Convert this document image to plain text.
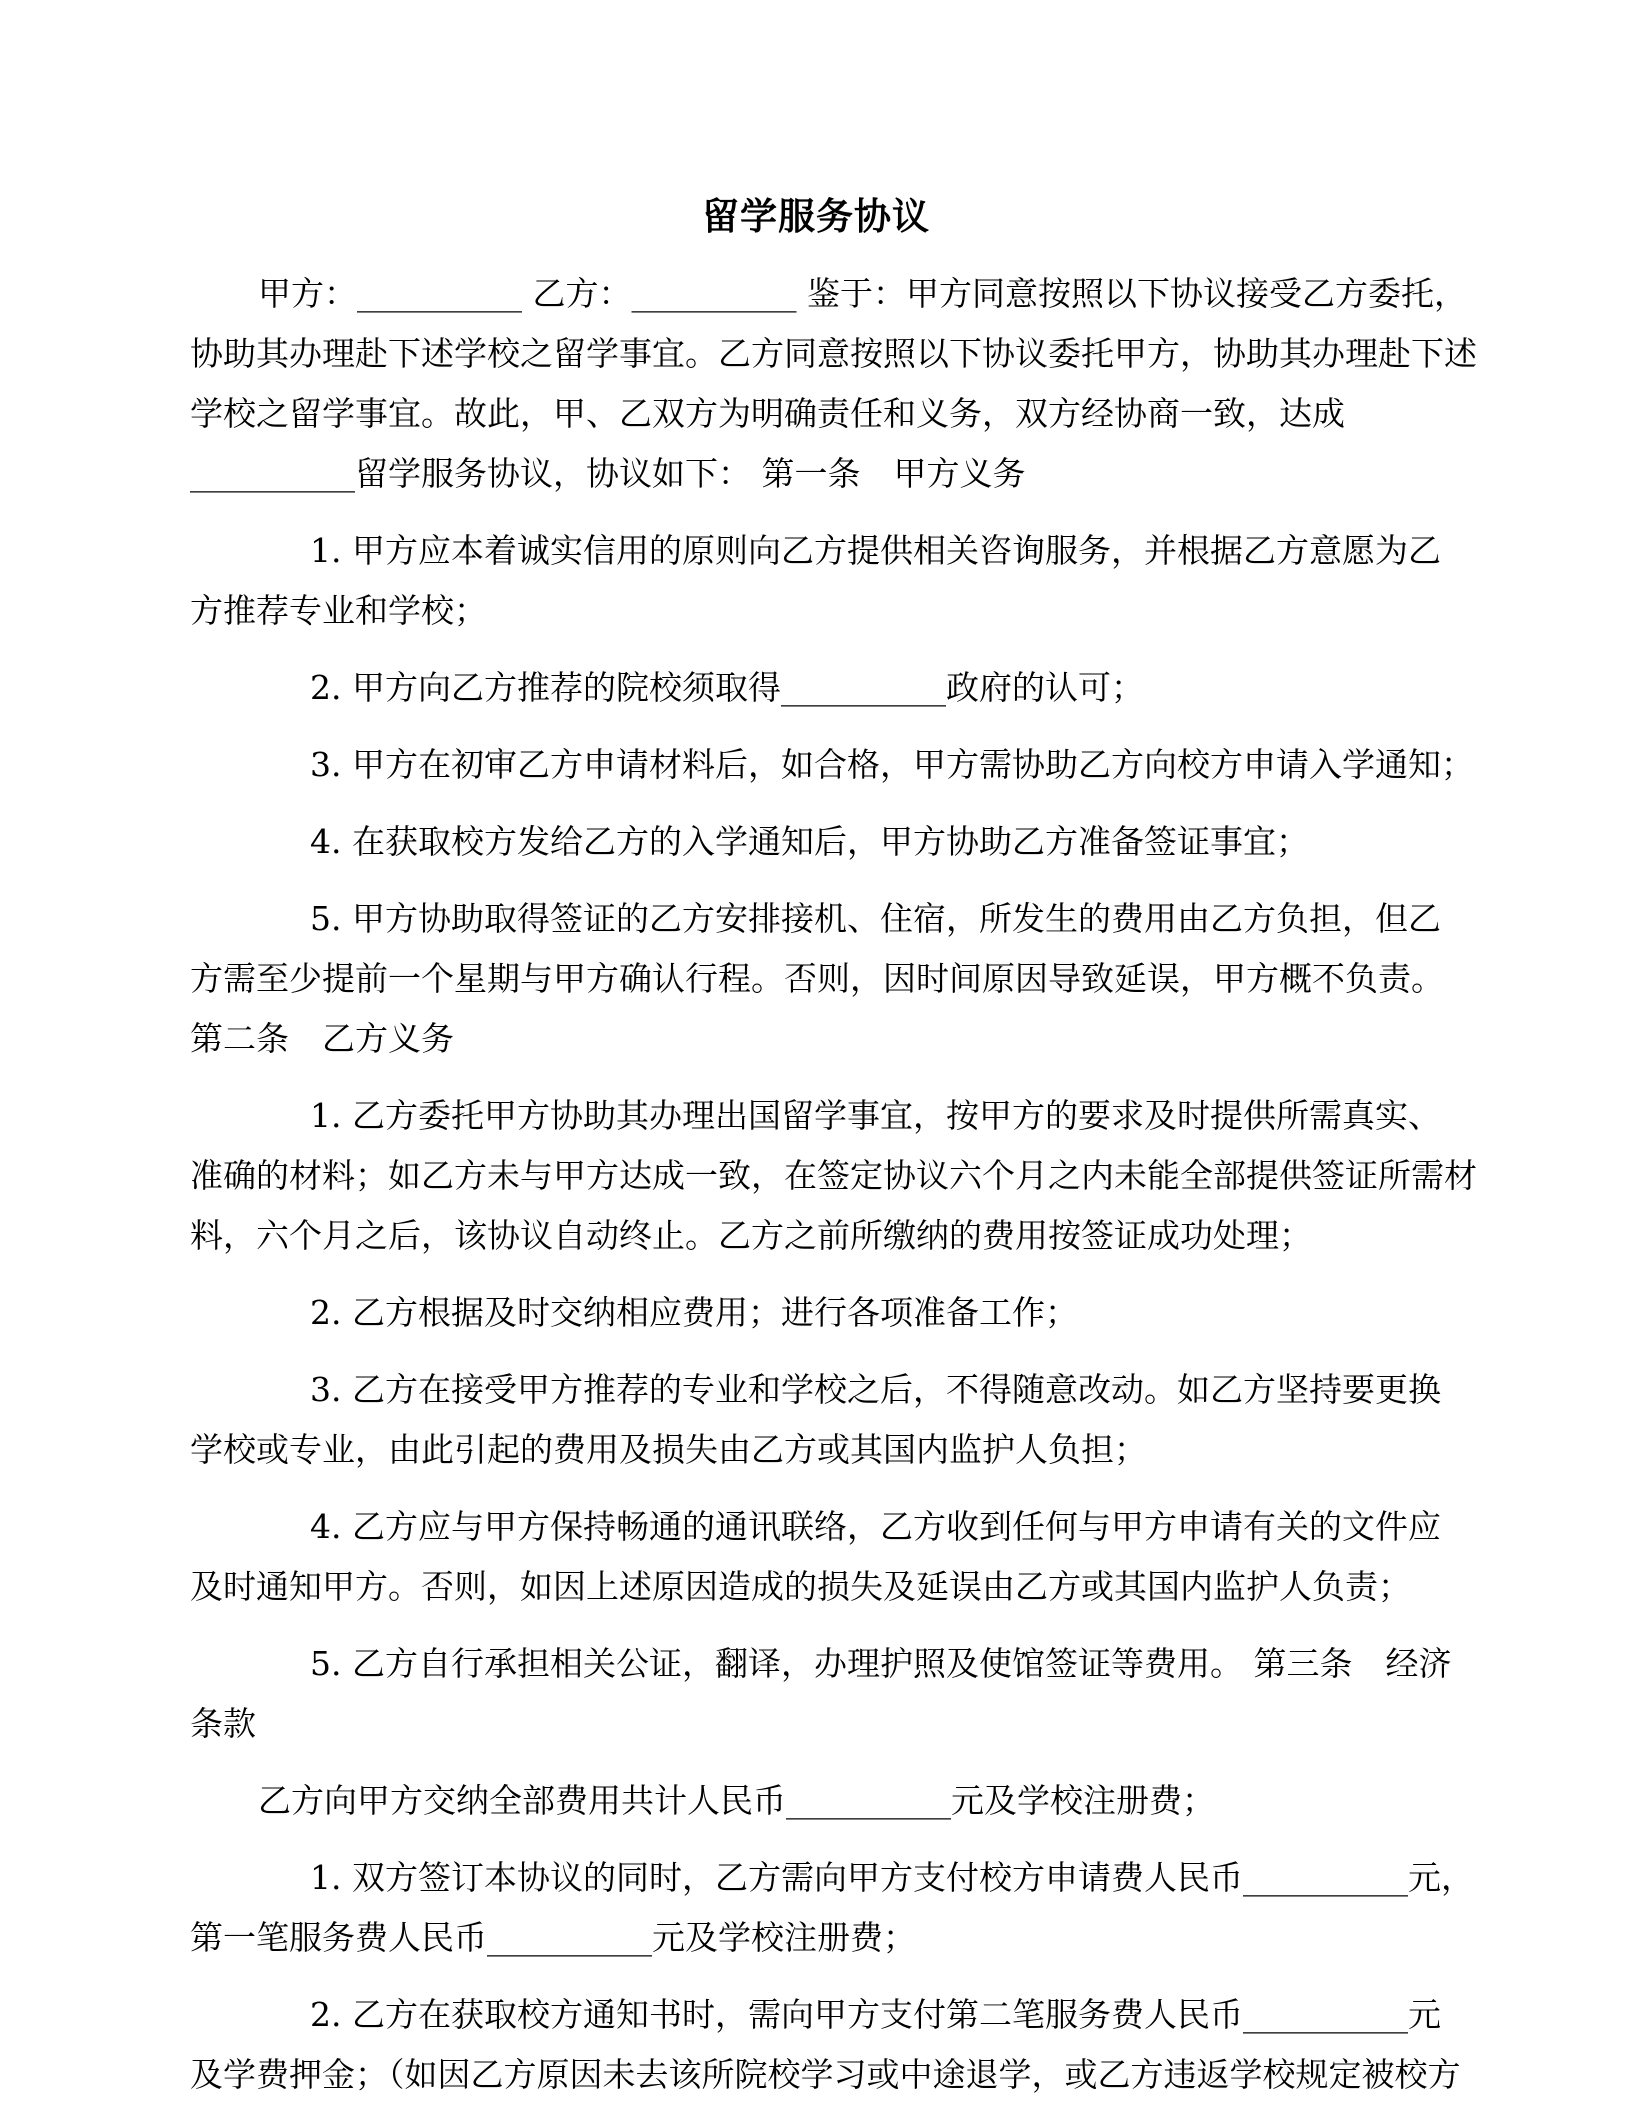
留学服务协议
甲方：__________ 乙方：__________ 鉴于：甲方同意按照以下协议接受乙方委托，
协助其办理赴下述学校之留学事宜。乙方同意按照以下协议委托甲方，协助其办理赴下述
学校之留学事宜。故此，甲、乙双方为明确责任和义务，双方经协商一致，达成
__________留学服务协议，协议如下： 第一条　甲方义务
1. 甲方应本着诚实信用的原则向乙方提供相关咨询服务，并根据乙方意愿为乙
方推荐专业和学校；
2. 甲方向乙方推荐的院校须取得__________政府的认可；
3. 甲方在初审乙方申请材料后，如合格，甲方需协助乙方向校方申请入学通知；
4. 在获取校方发给乙方的入学通知后，甲方协助乙方准备签证事宜；
5. 甲方协助取得签证的乙方安排接机、住宿，所发生的费用由乙方负担，但乙
方需至少提前一个星期与甲方确认行程。否则，因时间原因导致延误，甲方概不负责。
第二条　乙方义务
1. 乙方委托甲方协助其办理出国留学事宜，按甲方的要求及时提供所需真实、
准确的材料；如乙方未与甲方达成一致，在签定协议六个月之内未能全部提供签证所需材
料，六个月之后，该协议自动终止。乙方之前所缴纳的费用按签证成功处理；
2. 乙方根据及时交纳相应费用；进行各项准备工作；
3. 乙方在接受甲方推荐的专业和学校之后，不得随意改动。如乙方坚持要更换
学校或专业，由此引起的费用及损失由乙方或其国内监护人负担；
4. 乙方应与甲方保持畅通的通讯联络，乙方收到任何与甲方申请有关的文件应
及时通知甲方。否则，如因上述原因造成的损失及延误由乙方或其国内监护人负责；
5. 乙方自行承担相关公证，翻译，办理护照及使馆签证等费用。 第三条　经济
条款
乙方向甲方交纳全部费用共计人民币__________元及学校注册费；
1. 双方签订本协议的同时，乙方需向甲方支付校方申请费人民币__________元，
第一笔服务费人民币__________元及学校注册费；
2. 乙方在获取校方通知书时，需向甲方支付第二笔服务费人民币__________元
及学费押金；（如因乙方原因未去该所院校学习或中途退学，或乙方违返学校规定被校方
